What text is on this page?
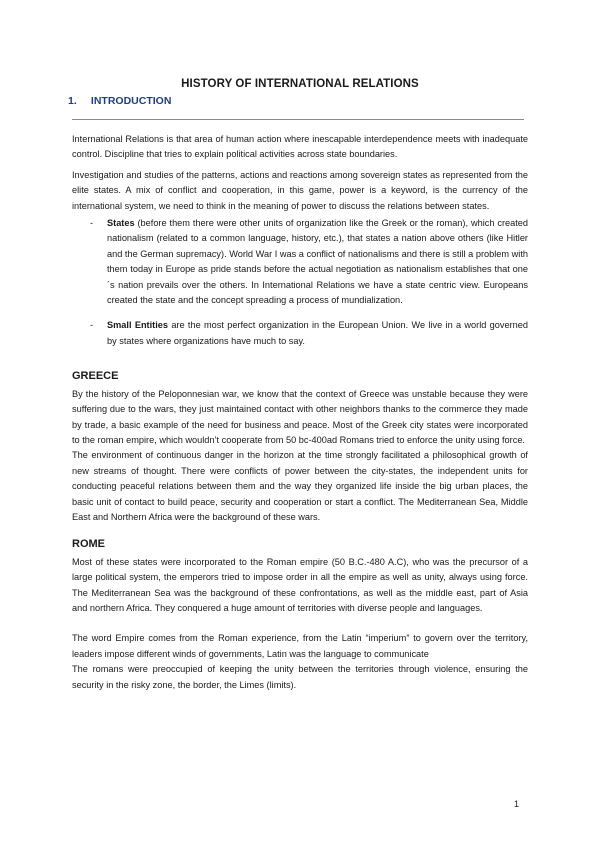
HISTORY OF INTERNATIONAL RELATIONS
1. INTRODUCTION

International Relations is that area of human action where inescapable interdependence meets with inadequate control. Discipline that tries to explain political activities across state boundaries.

Investigation and studies of the patterns, actions and reactions among sovereign states as represented from the elite states. A mix of conflict and cooperation, in this game, power is a keyword, is the currency of the international system, we need to think in the meaning of power to discuss the relations between states.

- States (before them there were other units of organization like the Greek or the roman), which created nationalism (related to a common language, history, etc.), that states a nation above others (like Hitler and the German supremacy). World War I was a conflict of nationalisms and there is still a problem with them today in Europe as pride stands before the actual negotiation as nationalism establishes that one´s nation prevails over the others. In International Relations we have a state centric view. Europeans created the state and the concept spreading a process of mundialization.
- Small Entities are the most perfect organization in the European Union. We live in a world governed by states where organizations have much to say.
GREECE

By the history of the Peloponnesian war, we know that the context of Greece was unstable because they were suffering due to the wars, they just maintained contact with other neighbors thanks to the commerce they made by trade, a basic example of the need for business and peace. Most of the Greek city states were incorporated to the roman empire, which wouldn’t cooperate from 50 bc-400ad Romans tried to enforce the unity using force.

The environment of continuous danger in the horizon at the time strongly facilitated a philosophical growth of new streams of thought. There were conflicts of power between the city-states, the independent units for conducting peaceful relations between them and the way they organized life inside the big urban places, the basic unit of contact to build peace, security and cooperation or start a conflict. The Mediterranean Sea, Middle East and Northern Africa were the background of these wars.

ROME

Most of these states were incorporated to the Roman empire (50 B.C.-480 A.C), who was the precursor of a large political system, the emperors tried to impose order in all the empire as well as unity, always using force. The Mediterranean Sea was the background of these confrontations, as well as the middle east, part of Asia and northern Africa. They conquered a huge amount of territories with diverse people and languages.

The word Empire comes from the Roman experience, from the Latin “imperium” to govern over the territory, leaders impose different winds of governments, Latin was the language to communicate

The romans were preoccupied of keeping the unity between the territories through violence, ensuring the security in the risky zone, the border, the Limes (limits).

1
